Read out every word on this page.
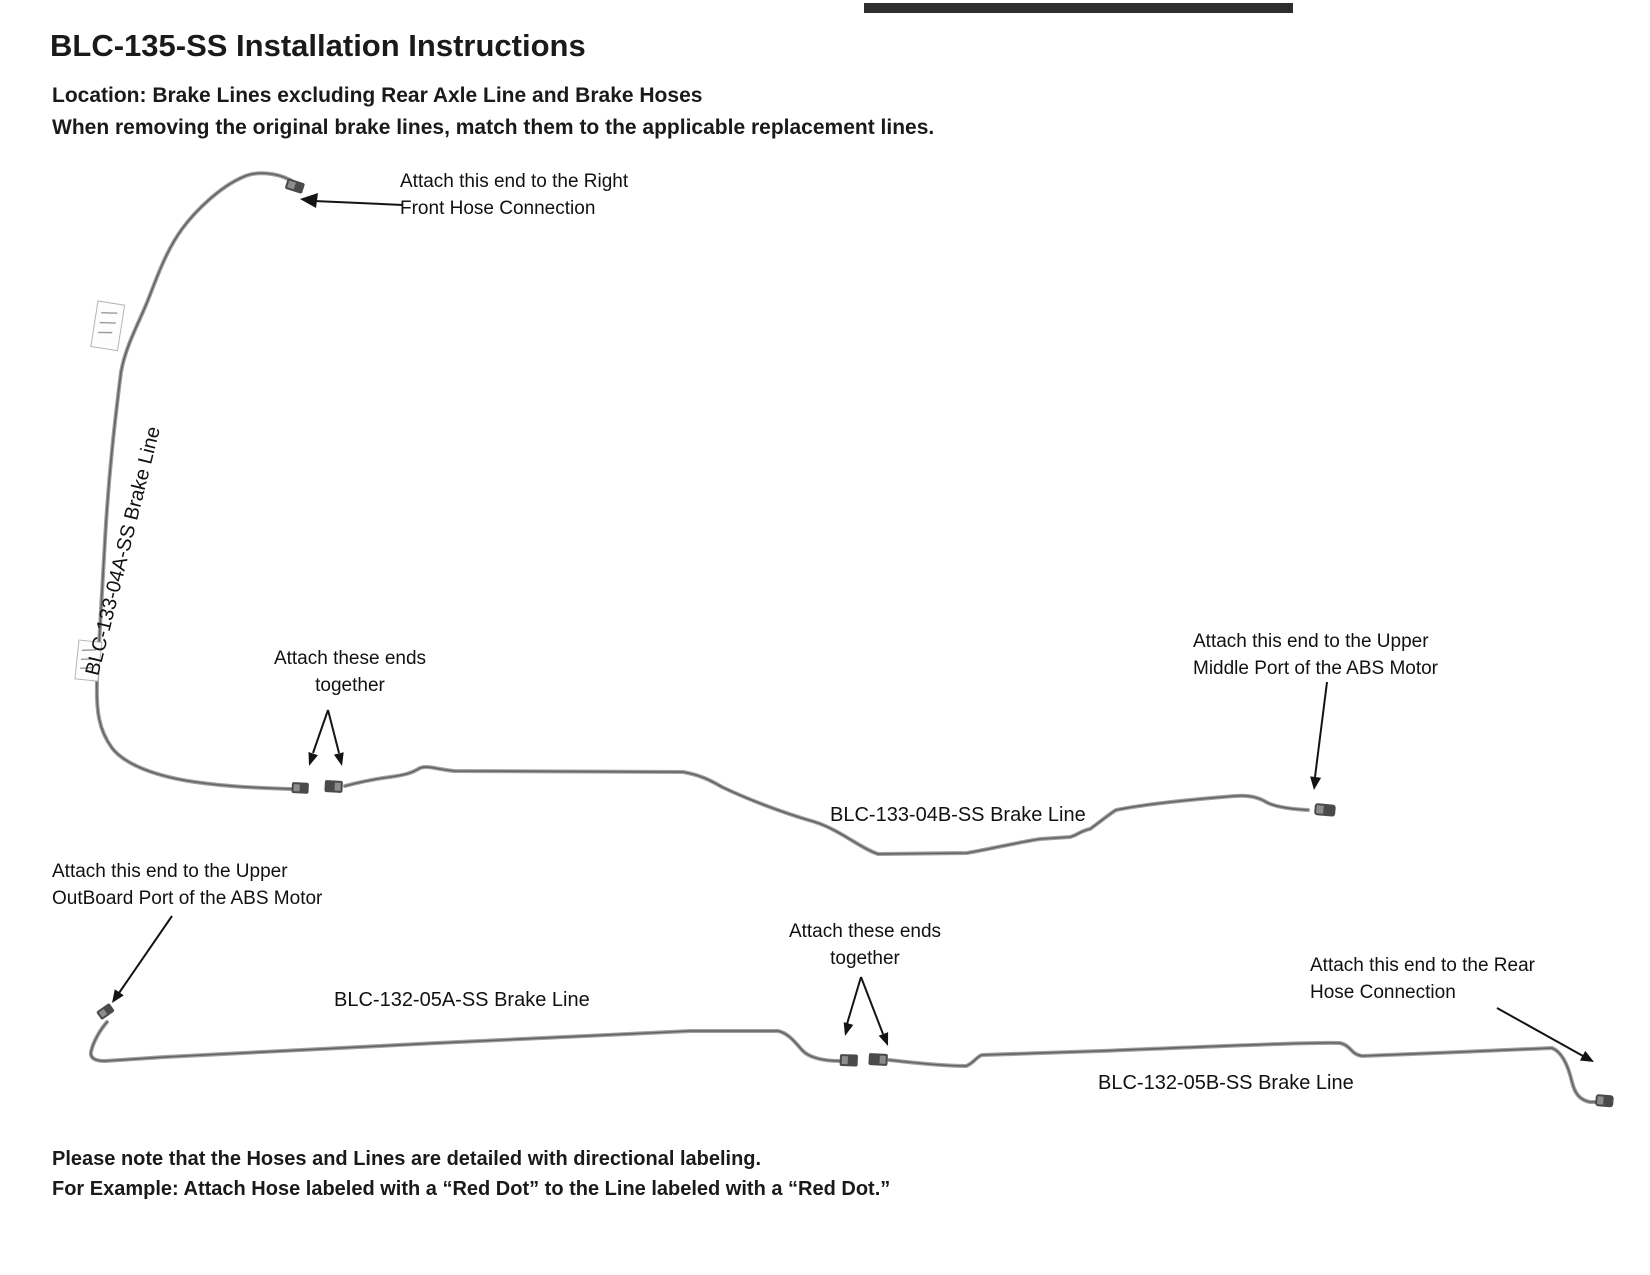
BLC-135-SS Installation Instructions
Location: Brake Lines excluding Rear Axle Line and Brake Hoses
When removing the original brake lines, match them to the applicable replacement lines.
Attach this end to the Right
Front Hose Connection
Attach these ends
together
Attach this end to the Upper
Middle Port of the ABS Motor
Attach this end to the Upper
OutBoard Port of the ABS Motor
Attach these ends
together	Attach this end to the Rear
Hose Connection
BLC-133-04A-SS Brake Line
BLC-133-04B-SS Brake Line
BLC-132-05A-SS Brake Line
BLC-132-05B-SS Brake Line
Please note that the Hoses and Lines are detailed with directional labeling.
For Example: Attach Hose labeled with a “Red Dot” to the Line labeled with a “Red Dot.”
